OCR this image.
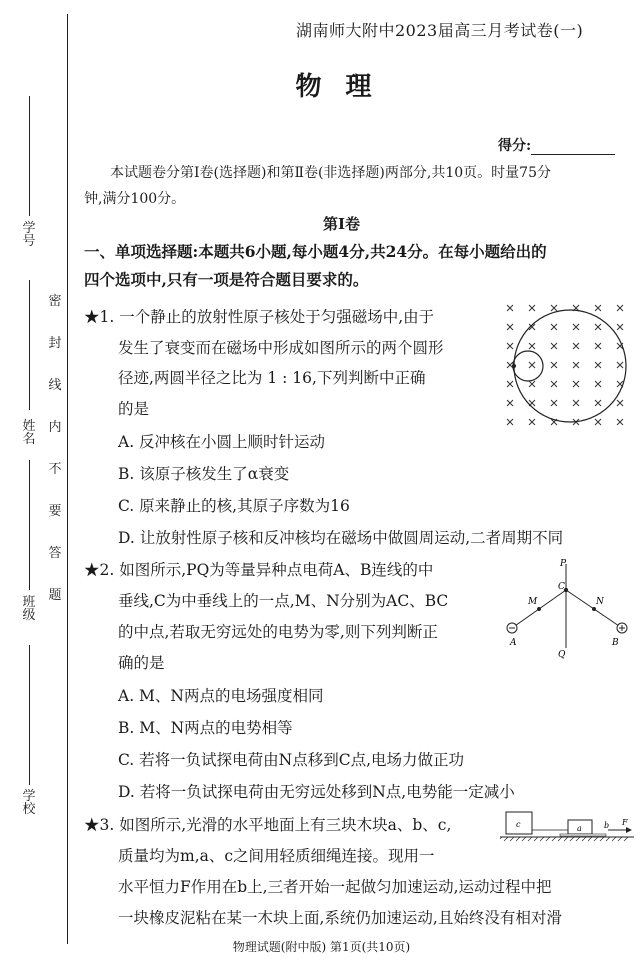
学
号
姓
名
班
级
学
校
密
封
线
内
不
要
答
题
湖南师大附中2023届高三月考试卷(一)
物理
得分:
本试题卷分第Ⅰ卷(选择题)和第Ⅱ卷(非选择题)两部分,共10页。时量75分
钟,满分100分。
第Ⅰ卷
一、单项选择题:本题共6小题,每小题4分,共24分。在每小题给出的
四个选项中,只有一项是符合题目要求的。
★1. 一个静止的放射性原子核处于匀强磁场中,由于
发生了衰变而在磁场中形成如图所示的两个圆形
径迹,两圆半径之比为 1 : 16,下列判断中正确
的是
A. 反冲核在小圆上顺时针运动
B. 该原子核发生了α衰变
C. 原来静止的核,其原子序数为16
D. 让放射性原子核和反冲核均在磁场中做圆周运动,二者周期不同
★2. 如图所示,PQ为等量异种点电荷A、B连线的中
垂线,C为中垂线上的一点,M、N分别为AC、BC
的中点,若取无穷远处的电势为零,则下列判断正
确的是
A. M、N两点的电场强度相同
B. M、N两点的电势相等
C. 若将一负试探电荷由N点移到C点,电场力做正功
D. 若将一负试探电荷由无穷远处移到N点,电势能一定减小
P
C
M	N
A	B
Q
★3. 如图所示,光滑的水平地面上有三块木块a、b、c,
质量均为m,a、c之间用轻质细绳连接。现用一
水平恒力F作用在b上,三者开始一起做匀加速运动,运动过程中把
一块橡皮泥粘在某一木块上面,系统仍加速运动,且始终没有相对滑
c	a	b F
物理试题(附中版) 第1页(共10页)
